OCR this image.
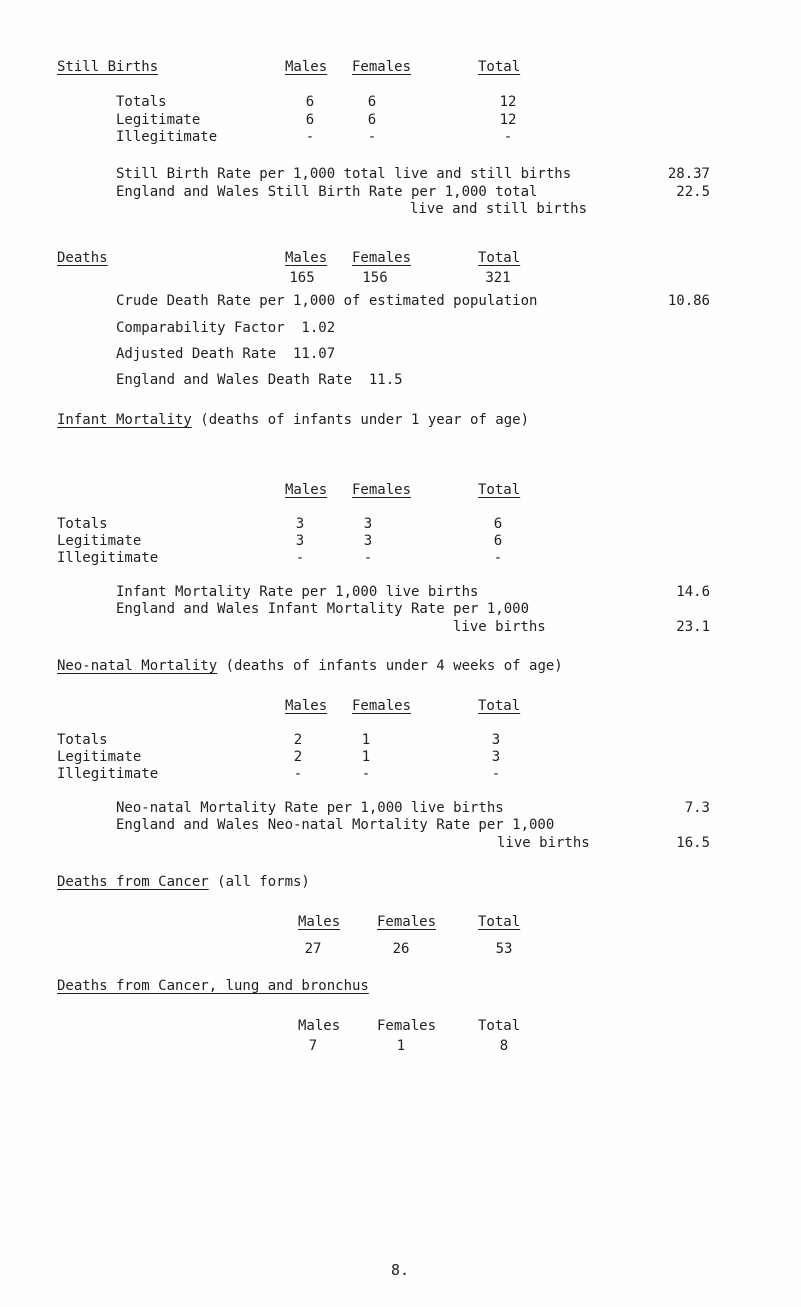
Still Births	Males Females	Total
Totals	6	6	12
Legitimate	6	6	12
Illegitimate	-	-	-
Still Birth Rate per 1,000 total live and still births	28.37
England and Wales Still Birth Rate per 1,000 total	22.5
live and still births
Deaths	Males Females	Total
165	156	321
Crude Death Rate per 1,000 of estimated population	10.86
Comparability Factor  1.02
Adjusted Death Rate  11.07
England and Wales Death Rate  11.5
Infant Mortality (deaths of infants under 1 year of age)
Males Females	Total
Totals	3	3	6
Legitimate	3	3	6
Illegitimate	-	-	-
Infant Mortality Rate per 1,000 live births	14.6
England and Wales Infant Mortality Rate per 1,000
live births	23.1
Neo-natal Mortality (deaths of infants under 4 weeks of age)
Males Females	Total
Totals	2	1	3
Legitimate	2	1	3
Illegitimate	-	-	-
Neo-natal Mortality Rate per 1,000 live births	7.3
England and Wales Neo-natal Mortality Rate per 1,000
live births	16.5
Deaths from Cancer (all forms)
Males	Females	Total
27	26	53
Deaths from Cancer, lung and bronchus
Males	Females	Total
7	1	8
8.
